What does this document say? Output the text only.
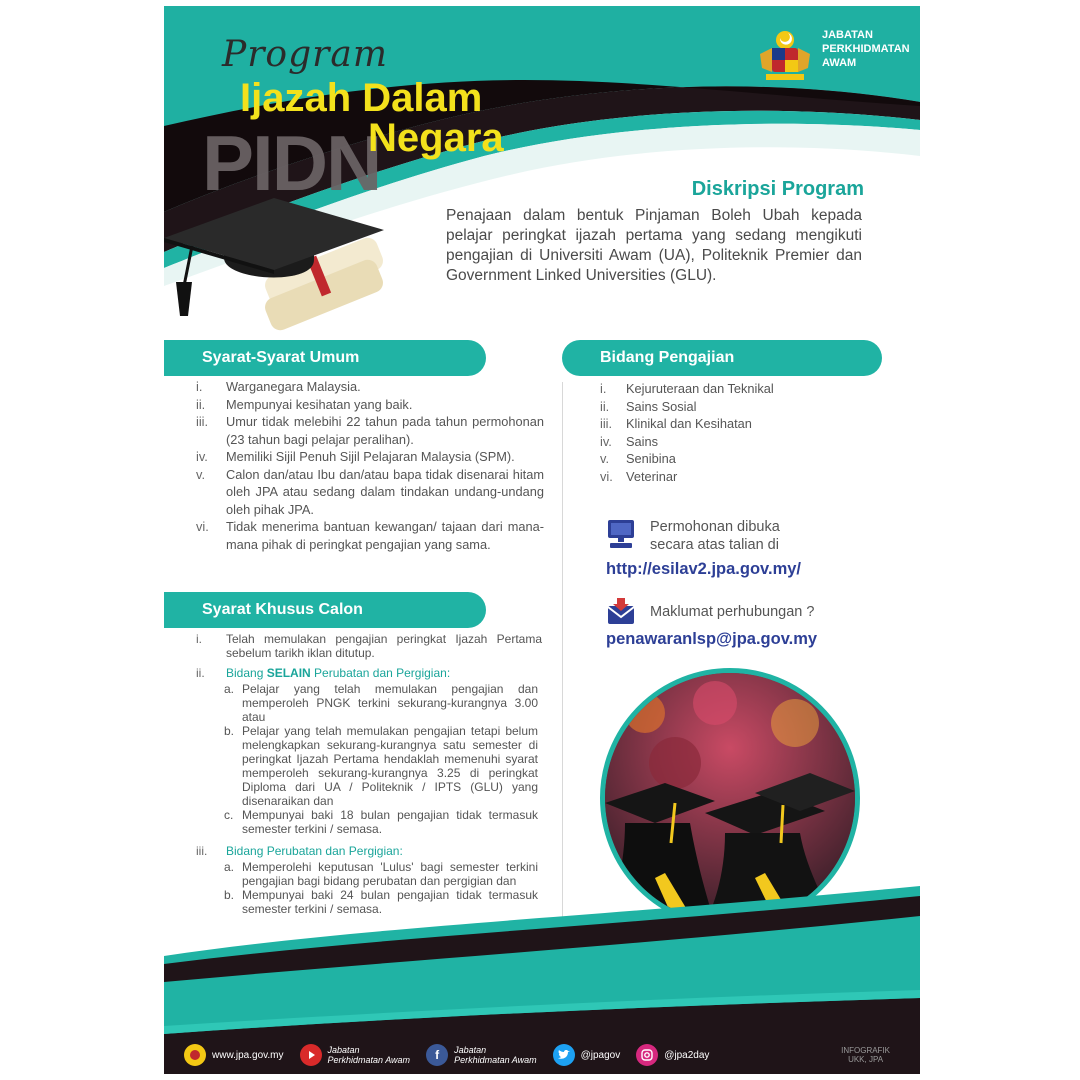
Program
PIDN
Ijazah Dalam
Negara
JABATAN PERKHIDMATAN AWAM
Diskripsi Program
Penajaan dalam bentuk Pinjaman Boleh Ubah kepada pelajar peringkat ijazah pertama yang sedang mengikuti pengajian di Universiti Awam (UA), Politeknik Premier dan Government Linked Universities (GLU).
Syarat-Syarat Umum
i.	Warganegara Malaysia.
ii.	Mempunyai kesihatan yang baik.
iii.	Umur tidak melebihi 22 tahun pada tahun permohonan (23 tahun bagi pelajar peralihan).
iv.	Memiliki Sijil Penuh Sijil Pelajaran Malaysia (SPM).
v.	Calon dan/atau Ibu dan/atau bapa tidak disenarai hitam oleh JPA atau sedang dalam tindakan undang-undang oleh pihak JPA.
vi.	Tidak menerima bantuan kewangan/ tajaan dari mana-mana pihak di peringkat pengajian yang sama.
Bidang Pengajian
i.	Kejuruteraan dan Teknikal
ii.	Sains Sosial
iii.	Klinikal dan Kesihatan
iv.	Sains
v.	Senibina
vi.	Veterinar
Permohonan dibuka
secara atas talian di
http://esilav2.jpa.gov.my/
Maklumat perhubungan ?
penawaranlsp@jpa.gov.my
Syarat Khusus Calon
i.	Telah memulakan pengajian peringkat Ijazah Pertama sebelum tarikh iklan ditutup.
ii.	Bidang SELAIN Perubatan dan Pergigian:
a. Pelajar yang telah memulakan pengajian dan memperoleh PNGK terkini sekurang-kurangnya 3.00 atau
b. Pelajar yang telah memulakan pengajian tetapi belum melengkapkan sekurang-kurangnya satu semester di peringkat Ijazah Pertama hendaklah memenuhi syarat memperoleh sekurang-kurangnya 3.25 di peringkat Diploma dari UA / Politeknik / IPTS (GLU) yang disenaraikan dan
c. Mempunyai baki 18 bulan pengajian tidak termasuk semester terkini / semasa.
iii.	Bidang Perubatan dan Pergigian:
a. Memperolehi keputusan 'Lulus' bagi semester terkini pengajian bagi bidang perubatan dan pergigian dan
b. Mempunyai baki 24 bulan pengajian tidak termasuk semester terkini / semasa.
www.jpa.gov.my	Jabatan
Perkhidmatan Awam	f	Jabatan
Perkhidmatan Awam	@jpagov	@jpa2day	INFOGRAFIK
UKK, JPA
